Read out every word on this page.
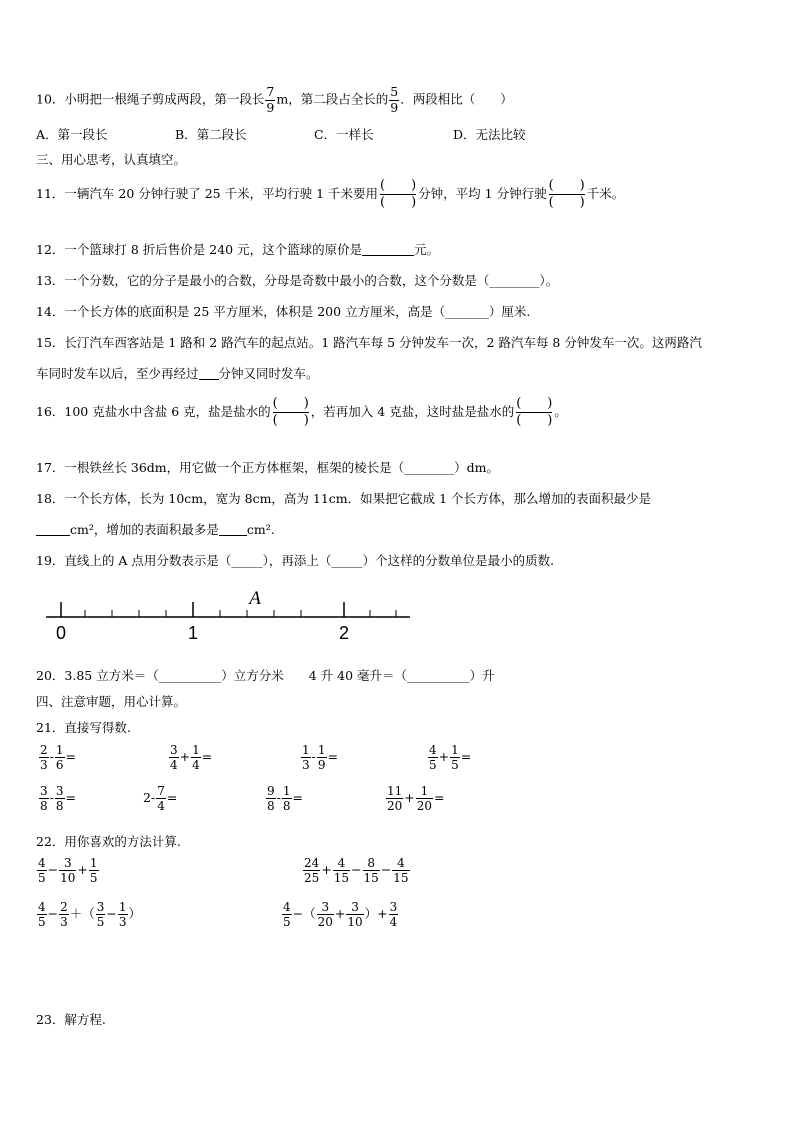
10．小明把一根绳子剪成两段，第一段长 $\frac{7}{9}$ m，第二段占全长的 $\frac{5}{9}$ ．两段相比（　　）
A．第一段长	B．第二段长	C．一样长	D．无法比较
三、用心思考，认真填空。
11．一辆汽车 20 分钟行驶了 25 千米，平均行驶 1 千米要用
(　　)
(　　)
分钟，平均 1 分钟行驶
(　　)
(　　)
千米。
12．一个篮球打 8 折后售价是 240 元，这个篮球的原价是	元。
13．一个分数，它的分子是最小的合数，分母是奇数中最小的合数，这个分数是（________）。
14．一个长方体的底面积是 25 平方厘米，体积是 200 立方厘米，高是（_______）厘米.
15．长汀汽车西客站是 1 路和 2 路汽车的起点站。1 路汽车每 5 分钟发车一次，2 路汽车每 8 分钟发车一次。这两路汽
车同时发车以后，至少再经过 分钟又同时发车。
16．100 克盐水中含盐 6 克，盐是盐水的
(　　)
(　　)
，若再加入 4 克盐，这时盐是盐水的
(　　)
(　　)
。
17．一根铁丝长 36dm，用它做一个正方体框架，框架的棱长是（________）dm。
18．一个长方体，长为 10cm，宽为 8cm，高为 11cm．如果把它截成 1 个长方体，那么增加的表面积最少是
cm²，增加的表面积最多是 cm².
19．直线上的 A 点用分数表示是（_____），再添上（_____）个这样的分数单位是最小的质数.
0	1	2
A
20．3.85 立方米＝（__________）立方分米　　4 升 40 毫升＝（__________）升
四、注意审题，用心计算。
21．直接写得数.
$\frac{2}{3} - \frac{1}{6}$ =	$\frac{3}{4} + \frac{1}{4}$ =	$\frac{1}{3} - \frac{1}{9}$ =	$\frac{4}{5} + \frac{1}{5}$ =
$\frac{3}{8} - \frac{3}{8}$ =	$2- \frac{7}{4}$ =	$\frac{9}{8} - \frac{1}{8}$ =	$\frac{11}{20} + \frac{1}{20}$ =
22．用你喜欢的方法计算.
$\frac{4}{5} - \frac{3}{10} + \frac{1}{5}$	$\frac{24}{25} + \frac{4}{15} - \frac{8}{15} - \frac{4}{15}$
$\frac{4}{5} - \frac{2}{3}$ ＋（ $\frac{3}{5} - \frac{1}{3}$ ）	$\frac{4}{5}$ −（ $\frac{3}{20} + \frac{3}{10}$ ）+ $\frac{3}{4}$
23．解方程.
